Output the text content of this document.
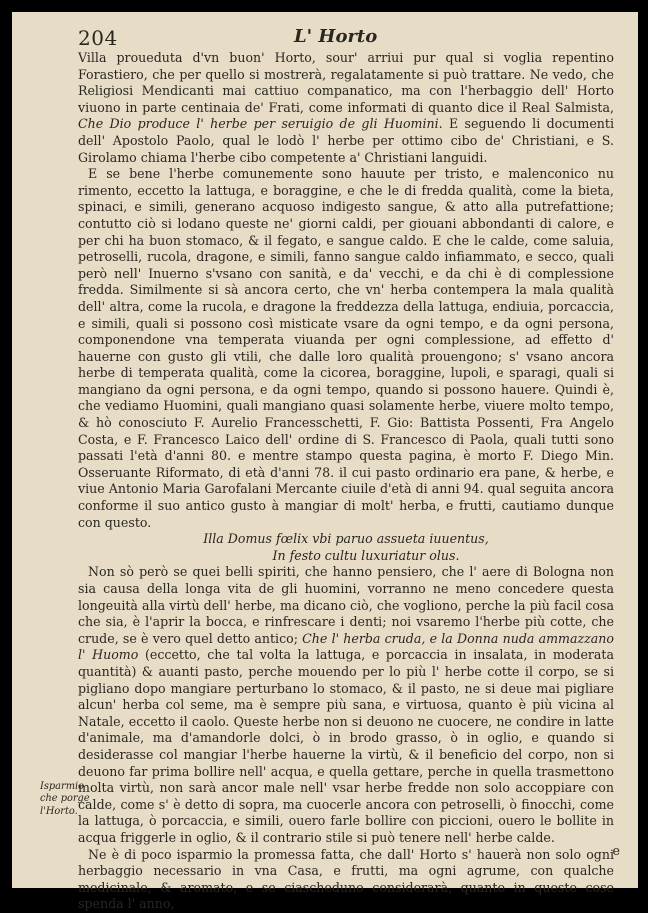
204	L' Horto
Isparmio
che porge
l'Horto.

Villa proueduta d'vn buon' Horto, sour' arriui pur qual si voglia repentino Forastiero, che per quello si mostrerà, regalatamente si può trattare. Ne vedo, che Religiosi Mendicanti mai cattiuo companatico, ma con l'herbaggio dell' Horto viuono in parte centinaia de' Frati, come informati di quanto dice il Real Salmista, Che Dio produce l' herbe per seruigio de gli Huomini. E seguendo li documenti dell' Apostolo Paolo, qual le lodò l' herbe per ottimo cibo de' Christiani, e S. Girolamo chiama l'herbe cibo competente a' Christiani languidi.

E se bene l'herbe comunemente sono hauute per tristo, e malenconico nu rimento, eccetto la lattuga, e boraggine, e che le di fredda qualità, come la bieta, spinaci, e simili, generano acquoso indigesto sangue, & atto alla putrefattione; contutto ciò si lodano queste ne' giorni caldi, per giouani abbondanti di calore, e per chi ha buon stomaco, & il fegato, e sangue caldo. E che le calde, come saluia, petroselli, rucola, dragone, e simili, fanno sangue caldo infiammato, e secco, quali però nell' Inuerno s'vsano con sanità, e da' vecchi, e da chi è di complessione fredda. Similmente si sà ancora certo, che vn' herba contempera la mala qualità dell' altra, come la rucola, e dragone la freddezza della lattuga, endiuia, porcaccia, e simili, quali si possono così misticate vsare da ogni tempo, e da ogni persona, componendone vna temperata viuanda per ogni complessione, ad effetto d' hauerne con gusto gli vtili, che dalle loro qualità prouengono; s' vsano ancora herbe di temperata qualità, come la cicorea, boraggine, lupoli, e sparagi, quali si mangiano da ogni persona, e da ogni tempo, quando si possono hauere. Quindi è, che vediamo Huomini, quali mangiano quasi solamente herbe, viuere molto tempo, & hò conosciuto F. Aurelio Francesschetti, F. Gio: Battista Possenti, Fra Angelo Costa, e F. Francesco Laico dell' ordine di S. Francesco di Paola, quali tutti sono passati l'età d'anni 80. e mentre stampo questa pagina, è morto F. Diego Min. Osseruante Riformato, di età d'anni 78. il cui pasto ordinario era pane, & herbe, e viue Antonio Maria Garofalani Mercante ciuile d'età di anni 94. qual seguita ancora conforme il suo antico gusto à mangiar di molt' herba, e frutti, cautiamo dunque con questo.

Illa Domus fœlix vbi paruo assueta iuuentus,

In festo cultu luxuriatur olus.

Non sò però se quei belli spiriti, che hanno pensiero, che l' aere di Bologna non sia causa della longa vita de gli huomini, vorranno ne meno concedere questa longeuità alla virtù dell' herbe, ma dicano ciò, che vogliono, perche la più facil cosa che sia, è l'aprir la bocca, e rinfrescare i denti; noi vsaremo l'herbe più cotte, che crude, se è vero quel detto antico; Che l' herba cruda, e la Donna nuda ammazzano l' Huomo (eccetto, che tal volta la lattuga, e porcaccia in insalata, in moderata quantità) & auanti pasto, perche mouendo per lo più l' herbe cotte il corpo, se si pigliano dopo mangiare perturbano lo stomaco, & il pasto, ne si deue mai pigliare alcun' herba col seme, ma è sempre più sana, e virtuosa, quanto è più vicina al Natale, eccetto il caolo. Queste herbe non si deuono ne cuocere, ne condire in latte d'animale, ma d'amandorle dolci, ò in brodo grasso, ò in oglio, e quando si desiderasse col mangiar l'herbe hauerne la virtù, & il beneficio del corpo, non si deuono far prima bollire nell' acqua, e quella gettare, perche in quella trasmettono molta virtù, non sarà ancor male nell' vsar herbe fredde non solo accoppiare con calde, come s' è detto di sopra, ma cuocerle ancora con petroselli, ò finocchi, come la lattuga, ò porcaccia, e simili, ouero farle bollire con piccioni, ouero le bollite in acqua friggerle in oglio, & il contrario stile si può tenere nell' herbe calde.

Ne è di poco isparmio la promessa fatta, che dall' Horto s' hauerà non solo ogni herbaggio necessario in vna Casa, e frutti, ma ogni agrume, con qualche medicinale, & aromato, e se ciascheduno considerarà, quanto in queste cose spenda l' anno,

e
